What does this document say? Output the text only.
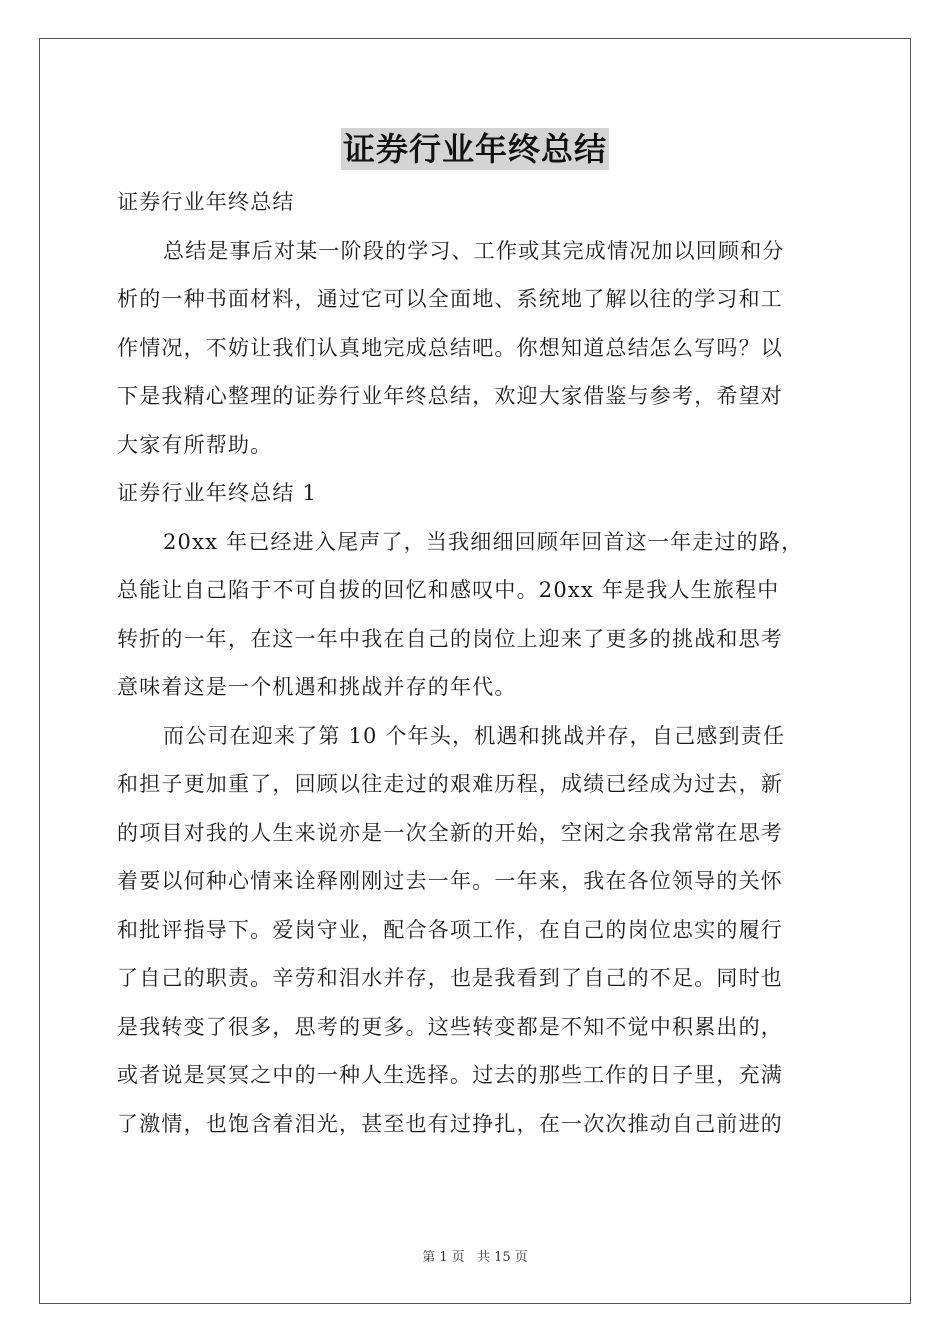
证券行业年终总结
证券行业年终总结
总结是事后对某一阶段的学习、工作或其完成情况加以回顾和分
析的一种书面材料，通过它可以全面地、系统地了解以往的学习和工
作情况，不妨让我们认真地完成总结吧。你想知道总结怎么写吗？以
下是我精心整理的证券行业年终总结，欢迎大家借鉴与参考，希望对
大家有所帮助。
证券行业年终总结 1
20xx 年已经进入尾声了，当我细细回顾年回首这一年走过的路，
总能让自己陷于不可自拔的回忆和感叹中。20xx 年是我人生旅程中
转折的一年，在这一年中我在自己的岗位上迎来了更多的挑战和思考
意味着这是一个机遇和挑战并存的年代。
而公司在迎来了第 10 个年头，机遇和挑战并存，自己感到责任
和担子更加重了，回顾以往走过的艰难历程，成绩已经成为过去，新
的项目对我的人生来说亦是一次全新的开始，空闲之余我常常在思考
着要以何种心情来诠释刚刚过去一年。一年来，我在各位领导的关怀
和批评指导下。爱岗守业，配合各项工作，在自己的岗位忠实的履行
了自己的职责。辛劳和泪水并存，也是我看到了自己的不足。同时也
是我转变了很多，思考的更多。这些转变都是不知不觉中积累出的，
或者说是冥冥之中的一种人生选择。过去的那些工作的日子里，充满
了激情，也饱含着泪光，甚至也有过挣扎，在一次次推动自己前进的
第 1 页 共 15 页
